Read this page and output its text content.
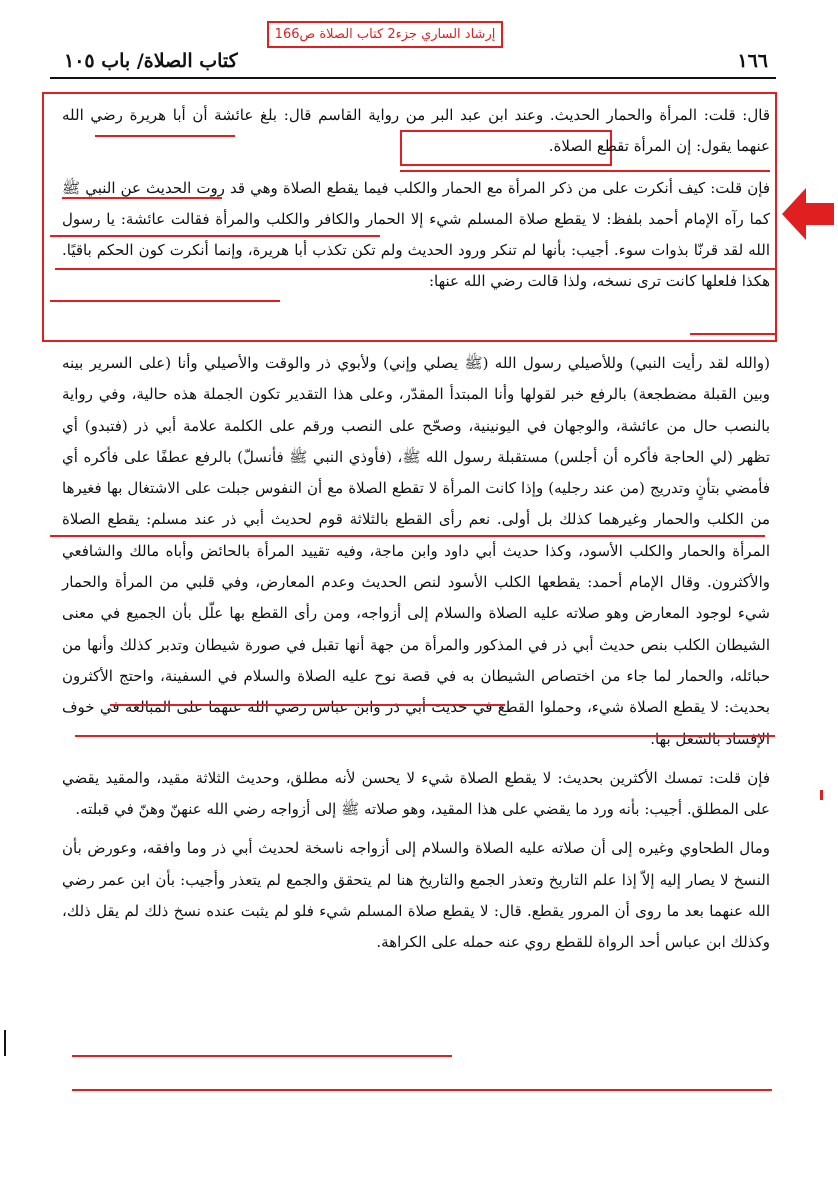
إرشاد الساري جزء2 كتاب الصلاة ص166
١٦٦
كتاب الصلاة/ باب ١٠٥

قال: قلت: المرأة والحمار الحديث. وعند ابن عبد البر من رواية القاسم قال: بلغ عائشة أن أبا هريرة رضي الله عنهما يقول: إن المرأة تقطع الصلاة.

فإن قلت: كيف أنكرت على من ذكر المرأة مع الحمار والكلب فيما يقطع الصلاة وهي قد روت الحديث عن النبي ﷺ كما رآه الإمام أحمد بلفظ: لا يقطع صلاة المسلم شيء إلا الحمار والكافر والكلب والمرأة فقالت عائشة: يا رسول الله لقد قرنّا بذوات سوء. أجيب: بأنها لم تنكر ورود الحديث ولم تكن تكذب أبا هريرة، وإنما أنكرت كون الحكم باقيًا. هكذا فلعلها كانت ترى نسخه، ولذا قالت رضي الله عنها:

(والله لقد رأيت النبي) وللأصيلي رسول الله (ﷺ يصلي وإني) ولأبوي ذر والوقت والأصيلي وأنا (على السرير بينه وبين القبلة مضطجعة) بالرفع خبر لقولها وأنا المبتدأ المقدّر، وعلى هذا التقدير تكون الجملة هذه حالية، وفي رواية بالنصب حال من عائشة، والوجهان في اليونينية، وصحّح على النصب ورقم على الكلمة علامة أبي ذر (فتبدو) أي تظهر (لي الحاجة فأكره أن أجلس) مستقبلة رسول الله ﷺ، (فأوذي النبي ﷺ فأنسلّ) بالرفع عطفًا على فأكره أي فأمضي بتأنٍ وتدريج (من عند رجليه) وإذا كانت المرأة لا تقطع الصلاة مع أن النفوس جبلت على الاشتغال بها فغيرها من الكلب والحمار وغيرهما كذلك بل أولى. نعم رأى القطع بالثلاثة قوم لحديث أبي ذر عند مسلم: يقطع الصلاة المرأة والحمار والكلب الأسود، وكذا حديث أبي داود وابن ماجة، وفيه تقييد المرأة بالحائض وأباه مالك والشافعي والأكثرون. وقال الإمام أحمد: يقطعها الكلب الأسود لنص الحديث وعدم المعارض، وفي قلبي من المرأة والحمار شيء لوجود المعارض وهو صلاته عليه الصلاة والسلام إلى أزواجه، ومن رأى القطع بها علّل بأن الجميع في معنى الشيطان الكلب بنص حديث أبي ذر في المذكور والمرأة من جهة أنها تقبل في صورة شيطان وتدبر كذلك وأنها من حبائله، والحمار لما جاء من اختصاص الشيطان به في قصة نوح عليه الصلاة والسلام في السفينة، واحتج الأكثرون بحديث: لا يقطع الصلاة شيء، وحملوا القطع في حديث أبي ذر وابن عباس رضي الله عنهما على المبالغة في خوف الإفساد بالشغل بها.

فإن قلت: تمسك الأكثرين بحديث: لا يقطع الصلاة شيء لا يحسن لأنه مطلق، وحديث الثلاثة مقيد، والمقيد يقضي على المطلق. أجيب: بأنه ورد ما يقضي على هذا المقيد، وهو صلاته ﷺ إلى أزواجه رضي الله عنهنّ وهنّ في قبلته.

ومال الطحاوي وغيره إلى أن صلاته عليه الصلاة والسلام إلى أزواجه ناسخة لحديث أبي ذر وما وافقه، وعورض بأن النسخ لا يصار إليه إلاّ إذا علم التاريخ وتعذر الجمع والتاريخ هنا لم يتحقق والجمع لم يتعذر وأجيب: بأن ابن عمر رضي الله عنهما بعد ما روى أن المرور يقطع. قال: لا يقطع صلاة المسلم شيء فلو لم يثبت عنده نسخ ذلك لم يقل ذلك، وكذلك ابن عباس أحد الرواة للقطع روي عنه حمله على الكراهة.
